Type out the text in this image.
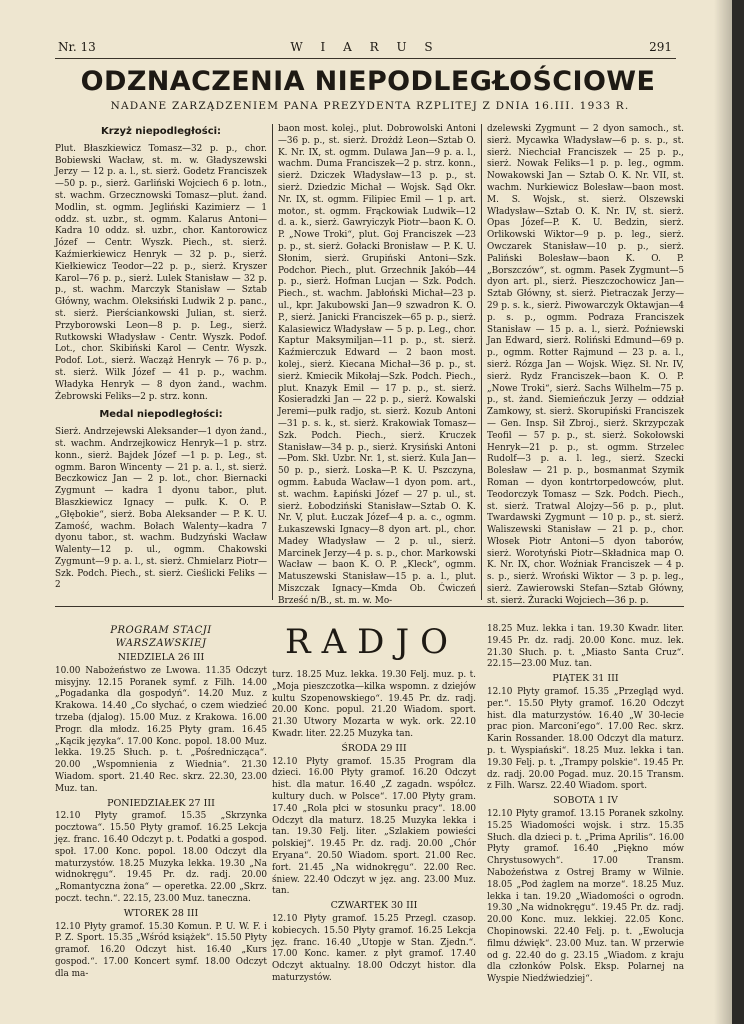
Nr. 13	W I A R U S	291
ODZNACZENIA NIEPODLEGŁOŚCIOWE
NADANE ZARZĄDZENIEM PANA PREZYDENTA RZPLITEJ Z DNIA 16.III. 1933 R.
Krzyż niepodległości:

Plut. Błaszkiewicz Tomasz—32 p. p., chor. Bobiewski Wacław, st. m. w. Gładyszewski Jerzy — 12 p. a. l., st. sierż. Godetz Franciszek—50 p. p., sierż. Garliński Wojciech 6 p. lotn., st. wachm. Grzecznowski Tomasz—plut. żand. Modlin, st. ogmm. Jegliński Kazimierz — 1 oddz. st. uzbr., st. ogmm. Kalarus Antoni—Kadra 10 oddz. sł. uzbr., chor. Kantorowicz Józef — Centr. Wyszk. Piech., st. sierż. Kaźmierkiewicz Henryk — 32 p. p., sierż. Kiełkiewicz Teodor—22 p. p., sierż. Kryszer Karol—76 p. p., sierż. Lulek Stanisław — 32 p. p., st. wachm. Marczyk Stanisław — Sztab Główny, wachm. Oleksiński Ludwik 2 p. panc., st. sierż. Pierściankowski Julian, st. sierż. Przyborowski Leon—8 p. p. Leg., sierż. Rutkowski Władysław - Centr. Wyszk. Podof. Lot., chor. Skibiński Karol — Centr. Wyszk. Podof. Lot., sierż. Wacząż Henryk — 76 p. p., st. sierż. Wilk Józef — 41 p. p., wachm. Władyka Henryk — 8 dyon żand., wachm. Żebrowski Feliks—2 p. strz. konn.

Medal niepodległości:

Sierż. Andrzejewski Aleksander—1 dyon żand., st. wachm. Andrzejkowicz Henryk—1 p. strz. konn., sierż. Bajdek Józef —1 p. p. Leg., st. ogmm. Baron Wincenty — 21 p. a. l., st. sierż. Beczkowicz Jan — 2 p. lot., chor. Biernacki Zygmunt — kadra 1 dyonu tabor., plut. Błaszkiewicz Ignacy — pułk. K. O. P. „Głębokie“, sierż. Boba Aleksander — P. K. U. Zamość, wachm. Bołach Walenty—kadra 7 dyonu tabor., st. wachm. Budzyński Wacław Walenty—12 p. ul., ogmm. Chakowski Zygmunt—9 p. a. l., st. sierż. Chmielarz Piotr—Szk. Podch. Piech., st. sierż. Cieślicki Feliks — 2

baon most. kolej., plut. Dobrowolski Antoni—36 p. p., st. sierż. Drożdż Leon—Sztab O. K. Nr. IX, st. ogmm. Dulawa Jan—9 p. a. l., wachm. Duma Franciszek—2 p. strz. konn., sierż. Dziczek Władysław—13 p. p., st. sierż. Dziedzic Michał — Wojsk. Sąd Okr. Nr. IX, st. ogmm. Filipiec Emil — 1 p. art. motor., st. ogmm. Frąckowiak Ludwik—12 d. a. k., sierż. Gawryiczyk Piotr—baon K. O. P. „Nowe Troki“, plut. Goj Franciszek —23 p. p., st. sierż. Gołacki Bronisław — P. K. U. Słonim, sierż. Grupiński Antoni—Szk. Podchor. Piech., plut. Grzechnik Jakób—44 p. p., sierż. Hofman Lucjan — Szk. Podch. Piech., st. wachm. Jabłoński Michał—23 p. ul., kpr. Jakubowski Jan—9 szwadron K. O. P., sierż. Janicki Franciszek—65 p. p., sierż. Kalasiewicz Władysław — 5 p. p. Leg., chor. Kaptur Maksymiljan—11 p. p., st. sierż. Kaźmierczuk Edward — 2 baon most. kolej., sierż. Kiecana Michał—36 p. p., st. sierż. Kmiecik Mikołaj—Szk. Podch. Piech., plut. Knazyk Emil — 17 p. p., st. sierż. Kosieradzki Jan — 22 p. p., sierż. Kowalski Jeremi—pułk radjo, st. sierż. Kozub Antoni—31 p. s. k., st. sierż. Krakowiak Tomasz—Szk. Podch. Piech., sierż. Kruczek Stanisław—34 p. p., sierż. Krysiński Antoni—Pom. Skł. Uzbr. Nr. 1, st. sierż. Kula Jan—50 p. p., sierż. Loska—P. K. U. Pszczyna, ogmm. Łabuda Wacław—1 dyon pom. art., st. wachm. Łapiński Józef — 27 p. ul., st. sierż. Łobodziński Stanisław—Sztab O. K. Nr. V, plut. Łuczak Józef—4 p. a. c., ogmm. Łukaszewski Ignacy—8 dyon art. pl., chor. Madey Władysław — 2 p. ul., sierż. Marcinek Jerzy—4 p. s. p., chor. Markowski Wacław — baon K. O. P. „Kleck“, ogmm. Matuszewski Stanisław—15 p. a. l., plut. Miszczak Ignacy—Kmda Ob. Ćwiczeń Brześć n/B., st. m. w. Mo-

dzelewski Zygmunt — 2 dyon samoch., st. sierż. Mycawka Władysław—6 p. s. p., st. sierż. Niechciał Franciszek — 25 p. p., sierż. Nowak Feliks—1 p. p. leg., ogmm. Nowakowski Jan — Sztab O. K. Nr. VII, st. wachm. Nurkiewicz Bolesław—baon most. M. S. Wojsk., st. sierż. Olszewski Władysław—Sztab O. K. Nr. IV, st. sierż. Opas Józef—P. K. U. Bedzin, sierż. Orlikowski Wiktor—9 p. p. leg., sierż. Owczarek Stanisław—10 p. p., sierż. Paliński Bolesław—baon K. O. P. „Borszczów“, st. ogmm. Pasek Zygmunt—5 dyon art. pl., sierż. Pieszczochowicz Jan—Sztab Główny, st. sierż. Pietraczak Jerzy—29 p. s. k., sierż. Piwowarczyk Oktawjan—4 p. s. p., ogmm. Podraza Franciszek Stanisław — 15 p. a. l., sierż. Poźniewski Jan Edward, sierż. Roliński Edmund—69 p. p., ogmm. Rotter Rajmund — 23 p. a. l., sierż. Rózga Jan — Wojsk. Więz. Sł. Nr. IV, sierż. Rydz Franciszek—baon K. O. P. „Nowe Troki“, sierż. Sachs Wilhelm—75 p. p., st. żand. Siemieńczuk Jerzy — oddział Zamkowy, st. sierż. Skorupiński Franciszek — Gen. Insp. Sił Zbroj., sierż. Skrzypczak Teofil — 57 p. p., st. sierż. Sokołowski Henryk—21 p. p., st. ogmm. Strzelec Rudolf—3 p. a. l. leg., sierż. Szecki Bolesław — 21 p. p., bosmanmat Szymik Roman — dyon kontrtorpedowców, plut. Teodorczyk Tomasz — Szk. Podch. Piech., st. sierż. Tratwal Alojzy—56 p. p., plut. Twardawski Zygmunt — 10 p. p., st. sierż. Waliszewski Stanisław — 21 p. p., chor. Włosek Piotr Antoni—5 dyon taborów, sierż. Worotyński Piotr—Składnica map O. K. Nr. IX, chor. Woźniak Franciszek — 4 p. s. p., sierż. Wroński Wiktor — 3 p. p. leg., sierż. Zawierowski Stefan—Sztab Główny, st. sierż. Żuracki Wojciech—36 p. p.

PROGRAM STACJI
WARSZAWSKIEJ
NIEDZIELA 26 III

10.00 Nabożeństwo ze Lwowa. 11.35 Odczyt misyjny. 12.15 Poranek symf. z Filh. 14.00 „Pogadanka dla gospodyń“. 14.20 Muz. z Krakowa. 14.40 „Co słychać, o czem wiedzieć trzeba (djalog). 15.00 Muz. z Krakowa. 16.00 Progr. dla młodz. 16.25 Płyty gram. 16.45 „Kącik języka“. 17.00 Konc. popol. 18.00 Muz. lekka. 19.25 Słuch. p. t. „Pośrednicząca“. 20.00 „Wspomnienia z Wiednia“. 21.30 Wiadom. sport. 21.40 Rec. skrz. 22.30, 23.00 Muz. tan.

PONIEDZIAŁEK 27 III

12.10 Płyty gramof. 15.35 „Skrzynka pocztowa“. 15.50 Płyty gramof. 16.25 Lekcja jęz. franc. 16.40 Odczyt p. t. Podatki a gospod. społ. 17.00 Konc. popol. 18.00 Odczyt dla maturzystów. 18.25 Muzyka lekka. 19.30 „Na widnokręgu“. 19.45 Pr. dz. radj. 20.00 „Romantyczna żona“ — operetka. 22.00 „Skrz. poczt. techn.“. 22.15, 23.00 Muz. taneczna.

WTOREK 28 III

12.10 Płyty gramof. 15.30 Komun. P. U. W. F. i P. Z. Sport. 15.35 „Wśród książek“. 15.50 Płyty gramof. 16.20 Odczyt hist. 16.40 „Kurs gospod.“. 17.00 Koncert symf. 18.00 Odczyt dla ma-

RADJO

turz. 18.25 Muz. lekka. 19.30 Felj. muz. p. t. „Moja pieszczotka—kilka wspomn. z dziejów kultu Szopenowskiego“. 19.45 Pr. dz. radj. 20.00 Konc. popul. 21.20 Wiadom. sport. 21.30 Utwory Mozarta w wyk. ork. 22.10 Kwadr. liter. 22.25 Muzyka tan.

ŚRODA 29 III

12.10 Płyty gramof. 15.35 Program dla dzieci. 16.00 Płyty gramof. 16.20 Odczyt hist. dla matur. 16.40 „Z zagadn. współcz. kultury duch. w Polsce“. 17.00 Płyty gram. 17.40 „Rola płci w stosunku pracy“. 18.00 Odczyt dla maturz. 18.25 Muzyka lekka i tan. 19.30 Felj. liter. „Szlakiem powieści polskiej“. 19.45 Pr. dz. radj. 20.00 „Chór Eryana“. 20.50 Wiadom. sport. 21.00 Rec. fort. 21.45 „Na widnokręgu“. 22.00 Rec. śniew. 22.40 Odczyt w jęz. ang. 23.00 Muz. tan.

CZWARTEK 30 III

12.10 Płyty gramof. 15.25 Przegl. czasop. kobiecych. 15.50 Płyty gramof. 16.25 Lekcja jęz. franc. 16.40 „Utopje w Stan. Zjedn.“. 17.00 Konc. kamer. z płyt gramof. 17.40 Odczyt aktualny. 18.00 Odczyt histor. dla maturzystów.

18.25 Muz. lekka i tan. 19.30 Kwadr. liter. 19.45 Pr. dz. radj. 20.00 Konc. muz. lek. 21.30 Słuch. p. t. „Miasto Santa Cruz“. 22.15—23.00 Muz. tan.

PIĄTEK 31 III

12.10 Płyty gramof. 15.35 „Przegląd wyd. per.“. 15.50 Płyty gramof. 16.20 Odczyt hist. dla maturzystów. 16.40 „W 30-lecie prac pion. Marconi’ego“. 17.00 Rec. skrz. Karin Rossander. 18.00 Odczyt dla maturz. p. t. Wyspiański“. 18.25 Muz. lekka i tan. 19.30 Felj. p. t. „Trampy polskie“. 19.45 Pr. dz. radj. 20.00 Pogad. muz. 20.15 Transm. z Filh. Warsz. 22.40 Wiadom. sport.

SOBOTA 1 IV

12.10 Płyty gramof. 13.15 Poranek szkolny. 15.25 Wiadomości wojsk. i strz. 15.35 Słuch. dla dzieci p. t. „Prima Aprilis“. 16.00 Płyty gramof. 16.40 „Piękno mów Chrystusowych“. 17.00 Transm. Nabożeństwa z Ostrej Bramy w Wilnie. 18.05 „Pod żaglem na morze“. 18.25 Muz. lekka i tan. 19.20 „Wiadomości o ogrodn. 19.30 „Na widnokręgu“. 19.45 Pr. dz. radj. 20.00 Konc. muz. lekkiej. 22.05 Konc. Chopinowski. 22.40 Felj. p. t. „Ewolucja filmu dźwięk“. 23.00 Muz. tan. W przerwie od g. 22.40 do g. 23.15 „Wiadom. z kraju dla członków Polsk. Eksp. Polarnej na Wyspie Niedźwiedziej“.
